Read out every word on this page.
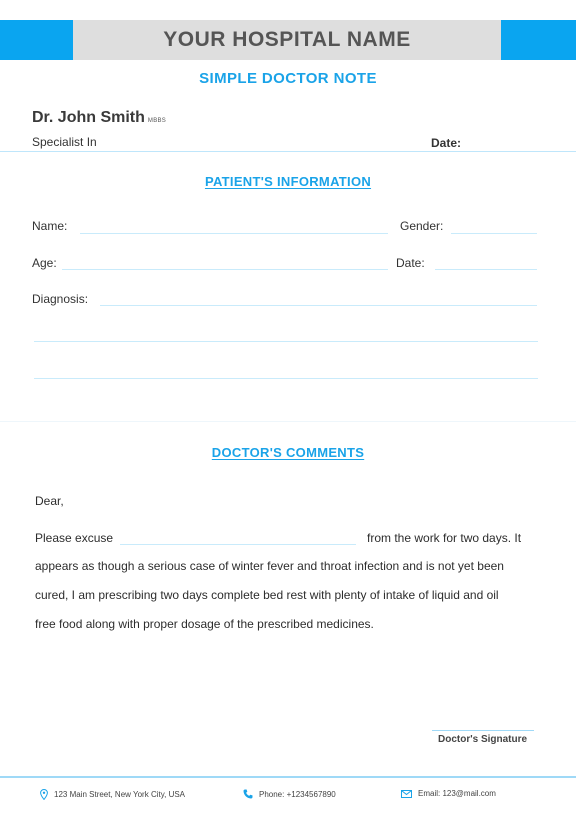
YOUR HOSPITAL NAME
SIMPLE DOCTOR NOTE
Dr. John Smith MBBS
Specialist In	Date:
PATIENT'S INFORMATION
Name:	Gender:
Age:	Date:
Diagnosis:
DOCTOR'S COMMENTS
Dear,
Please excuse	from the work for two days. It
appears as though a serious case of winter fever and throat infection and is not yet been
cured, I am prescribing two days complete bed rest with plenty of intake of liquid and oil
free food along with proper dosage of the prescribed medicines.
Doctor's Signature
123 Main Street, New York City, USA	Phone: +1234567890	Email: 123@mail.com
